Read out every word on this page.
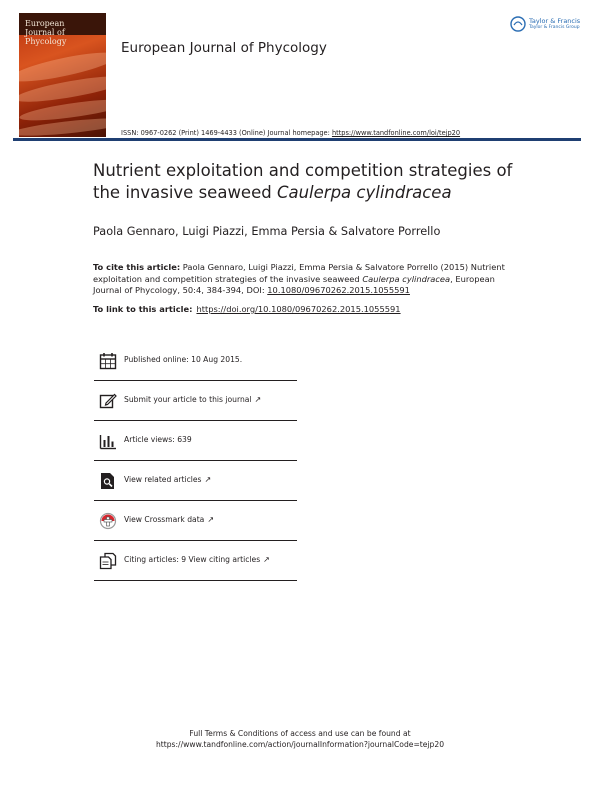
European
Journal of
Phycology	European Journal of Phycology
Taylor & Francis
Taylor & Francis Group
ISSN: 0967-0262 (Print) 1469-4433 (Online) Journal homepage: https://www.tandfonline.com/loi/tejp20
Nutrient exploitation and competition strategies of the invasive seaweed Caulerpa cylindracea
Paola Gennaro, Luigi Piazzi, Emma Persia & Salvatore Porrello
To cite this article: Paola Gennaro, Luigi Piazzi, Emma Persia & Salvatore Porrello (2015) Nutrient exploitation and competition strategies of the invasive seaweed Caulerpa cylindracea, European Journal of Phycology, 50:4, 384-394, DOI: 10.1080/09670262.2015.1055591
To link to this article: https://doi.org/10.1080/09670262.2015.1055591
Published online: 10 Aug 2015.
Submit your article to this journal ↗
Article views: 639
View related articles ↗
View Crossmark data ↗
Citing articles: 9 View citing articles ↗
Full Terms & Conditions of access and use can be found at
https://www.tandfonline.com/action/journalInformation?journalCode=tejp20
